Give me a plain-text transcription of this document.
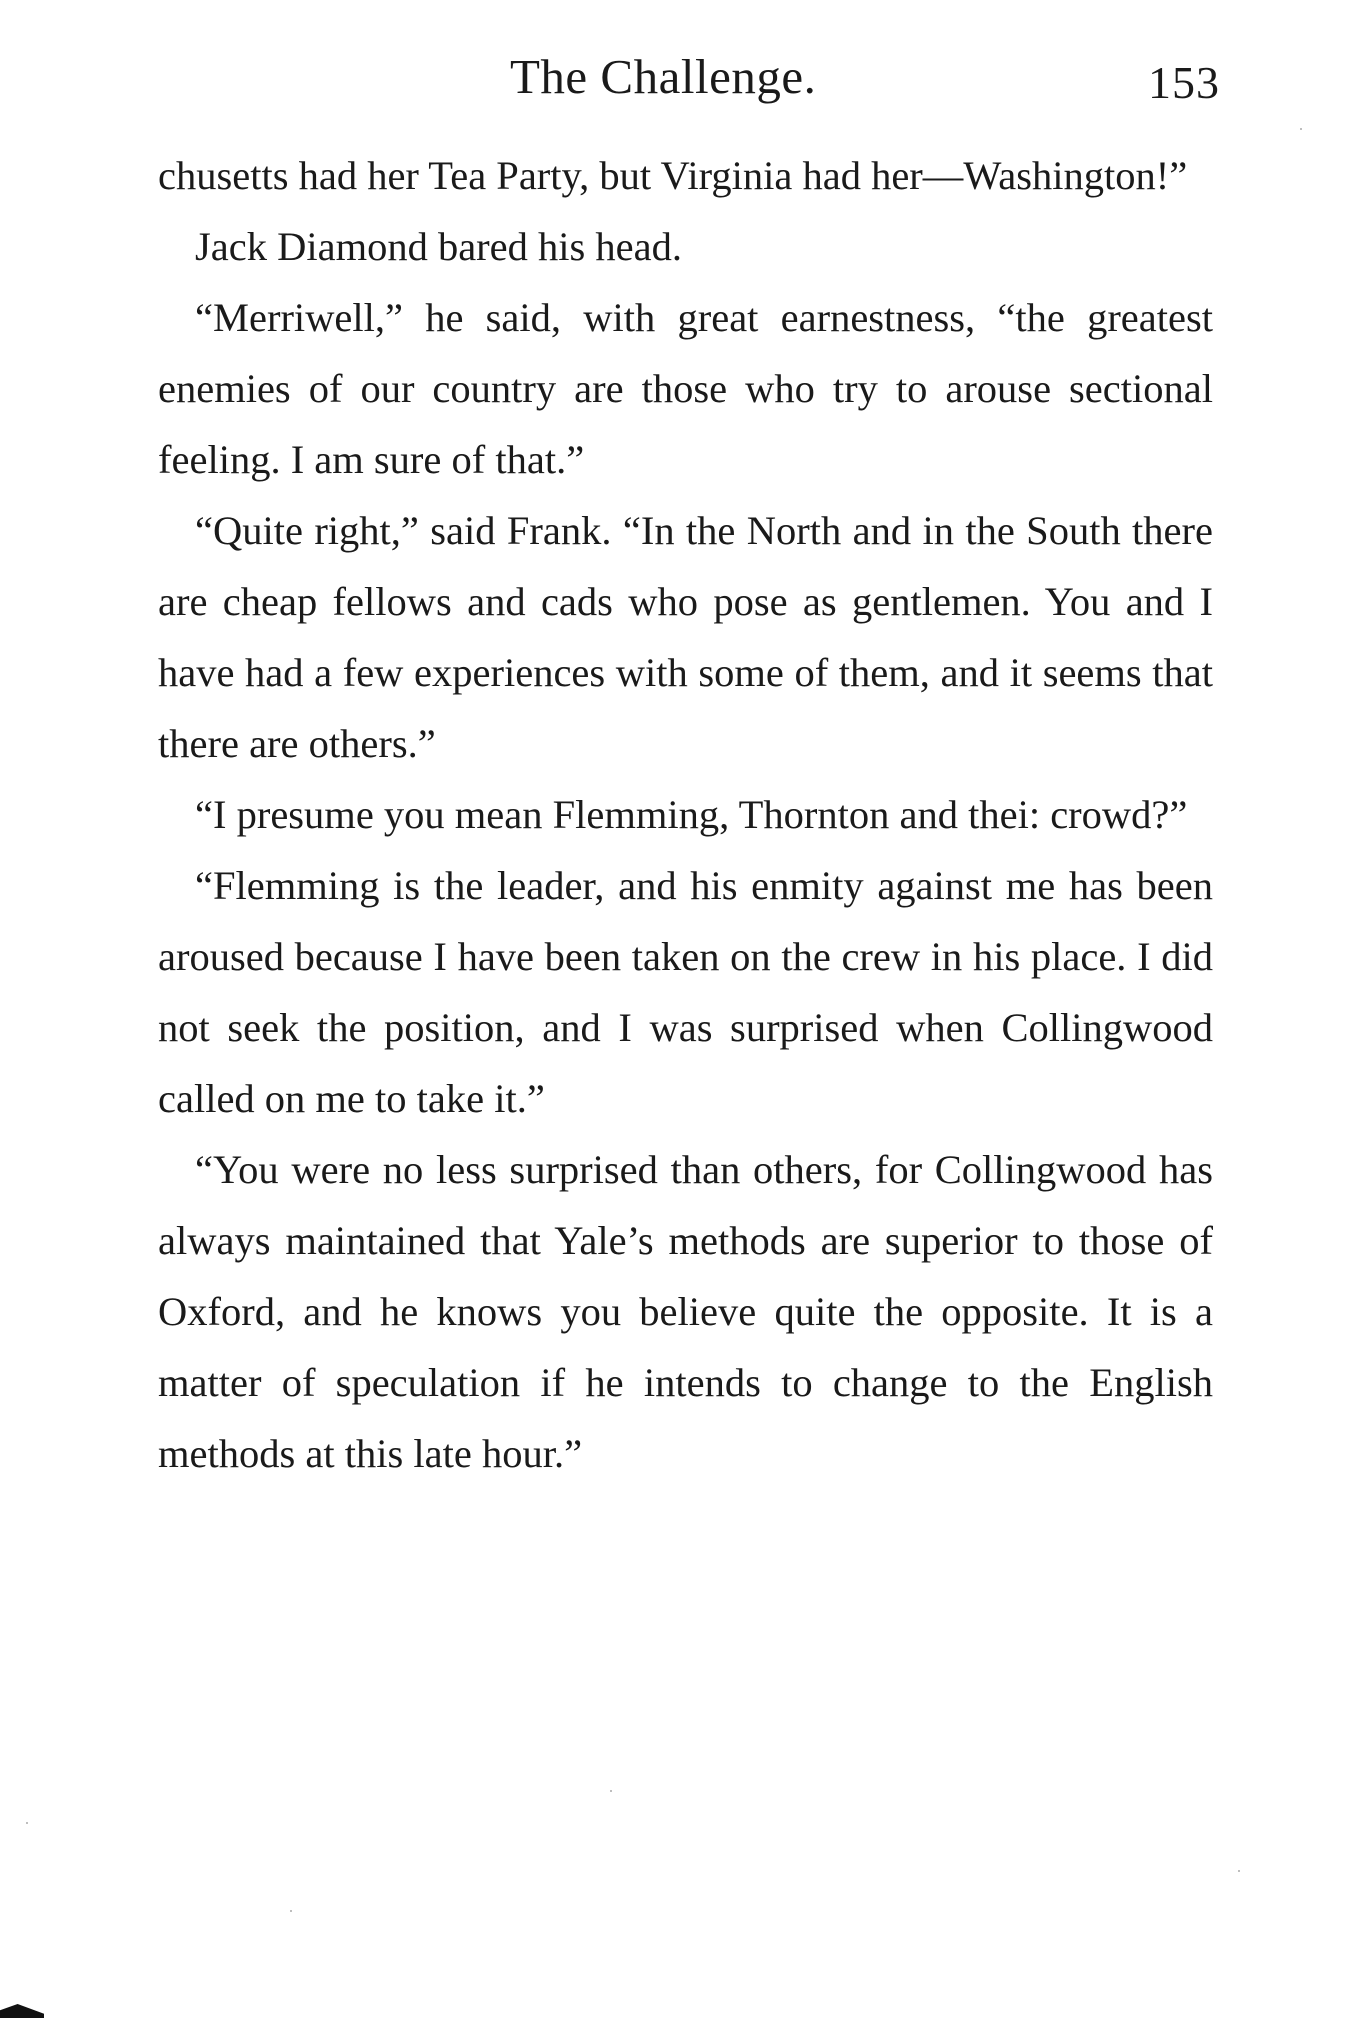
The Challenge.	153

chusetts had her Tea Party, but Virginia had her—Washington!”

Jack Diamond bared his head.

“Merriwell,” he said, with great earnestness, “the greatest enemies of our country are those who try to arouse sectional feeling. I am sure of that.”

“Quite right,” said Frank. “In the North and in the South there are cheap fellows and cads who pose as gentlemen. You and I have had a few experiences with some of them, and it seems that there are others.”

“I presume you mean Flemming, Thornton and thei: crowd?”

“Flemming is the leader, and his enmity against me has been aroused because I have been taken on the crew in his place. I did not seek the position, and I was surprised when Collingwood called on me to take it.”

“You were no less surprised than others, for Collingwood has always maintained that Yale’s methods are superior to those of Oxford, and he knows you believe quite the opposite. It is a matter of speculation if he intends to change to the English methods at this late hour.”
